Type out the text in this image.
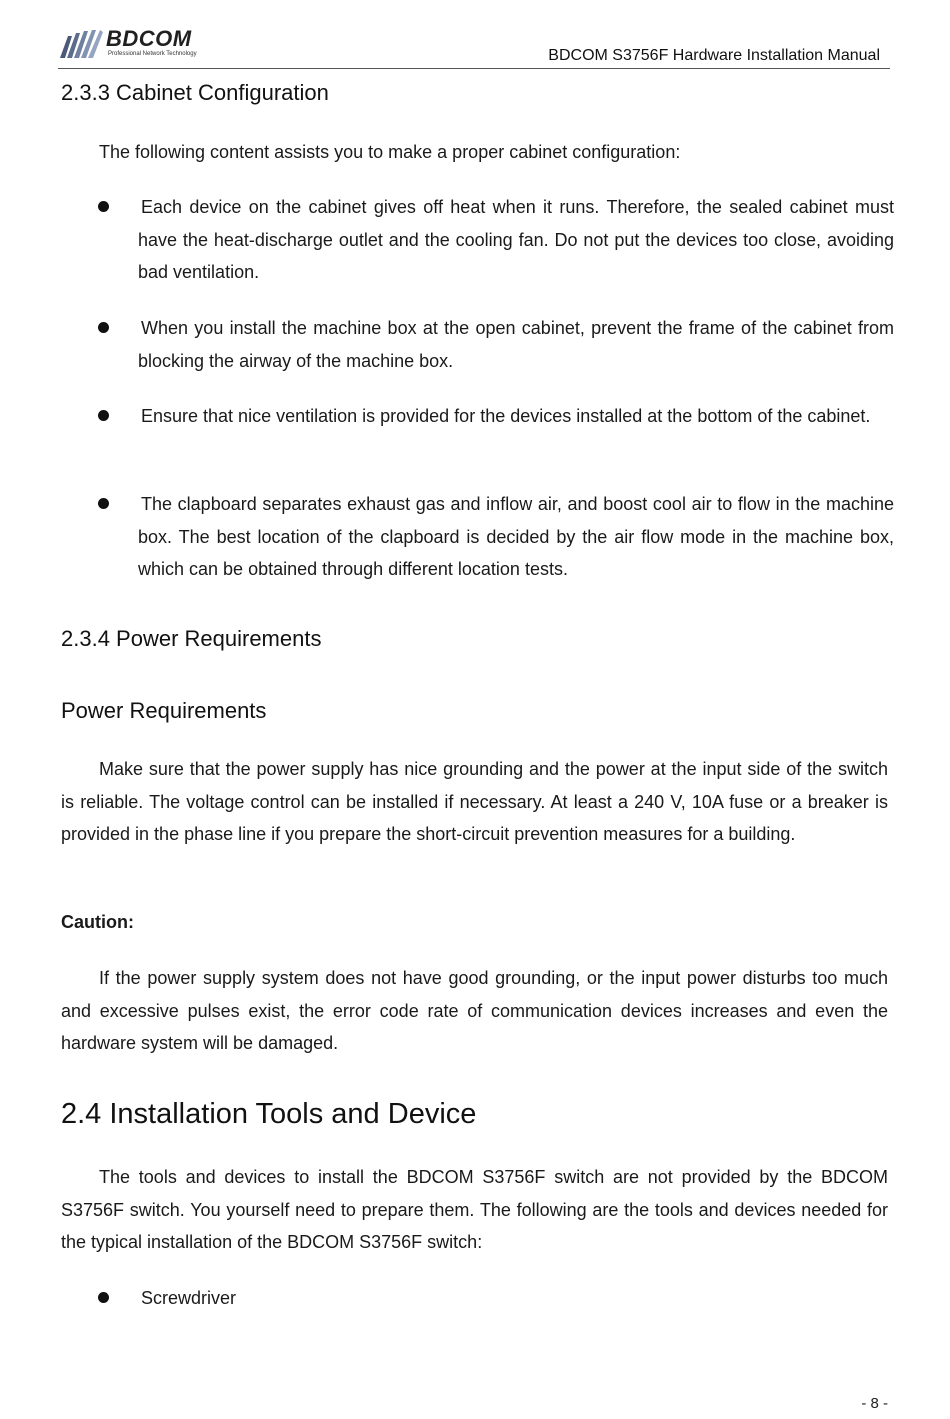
BDCOM
Professional Network Technology	BDCOM S3756F Hardware Installation Manual
2.3.3 Cabinet Configuration
The following content assists you to make a proper cabinet configuration:
Each device on the cabinet gives off heat when it runs. Therefore, the sealed cabinet must have the heat-discharge outlet and the cooling fan. Do not put the devices too close, avoiding bad ventilation.
When you install the machine box at the open cabinet, prevent the frame of the cabinet from blocking the airway of the machine box.
Ensure that nice ventilation is provided for the devices installed at the bottom of the cabinet.
The clapboard separates exhaust gas and inflow air, and boost cool air to flow in the machine box. The best location of the clapboard is decided by the air flow mode in the machine box, which can be obtained through different location tests.
2.3.4 Power Requirements
Power Requirements
Make sure that the power supply has nice grounding and the power at the input side of the switch is reliable. The voltage control can be installed if necessary. At least a 240 V, 10A fuse or a breaker is provided in the phase line if you prepare the short-circuit prevention measures for a building.
Caution:
If the power supply system does not have good grounding, or the input power disturbs too much and excessive pulses exist, the error code rate of communication devices increases and even the hardware system will be damaged.
2.4 Installation Tools and Device
The tools and devices to install the BDCOM S3756F switch are not provided by the BDCOM S3756F switch. You yourself need to prepare them. The following are the tools and devices needed for the typical installation of the BDCOM S3756F switch:
Screwdriver
- 8 -
